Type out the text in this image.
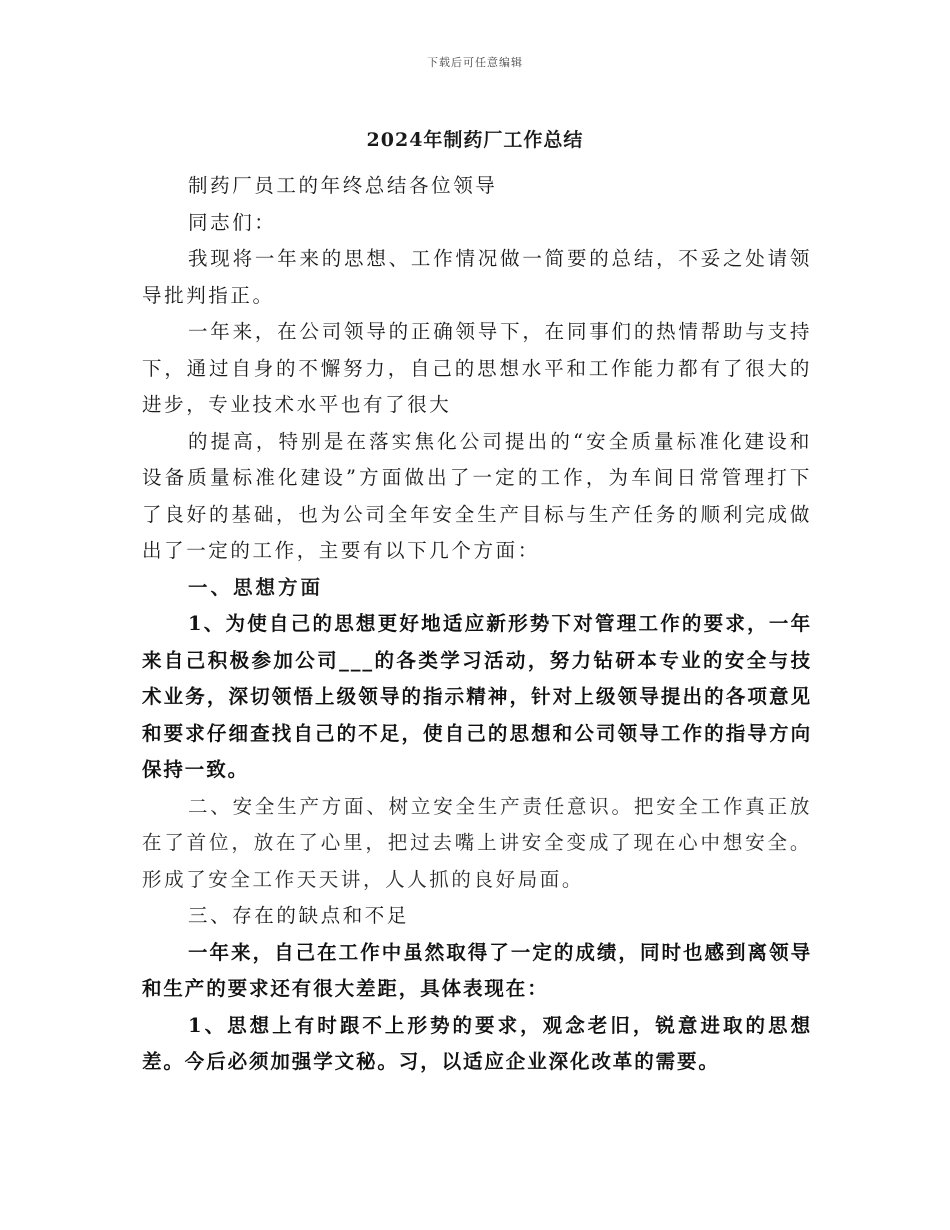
下载后可任意编辑
2024年制药厂工作总结

制药厂员工的年终总结各位领导

同志们：

我现将一年来的思想、工作情况做一简要的总结，不妥之处请领导批判指正。

一年来，在公司领导的正确领导下，在同事们的热情帮助与支持下，通过自身的不懈努力，自己的思想水平和工作能力都有了很大的进步，专业技术水平也有了很大

的提高，特别是在落实焦化公司提出的“安全质量标准化建设和设备质量标准化建设”方面做出了一定的工作，为车间日常管理打下了良好的基础，也为公司全年安全生产目标与生产任务的顺利完成做出了一定的工作，主要有以下几个方面：

一、思想方面

1、为使自己的思想更好地适应新形势下对管理工作的要求，一年来自己积极参加公司___的各类学习活动，努力钻研本专业的安全与技术业务，深切领悟上级领导的指示精神，针对上级领导提出的各项意见和要求仔细查找自己的不足，使自己的思想和公司领导工作的指导方向保持一致。

二、安全生产方面、树立安全生产责任意识。把安全工作真正放在了首位，放在了心里，把过去嘴上讲安全变成了现在心中想安全。形成了安全工作天天讲，人人抓的良好局面。

三、存在的缺点和不足

一年来，自己在工作中虽然取得了一定的成绩，同时也感到离领导和生产的要求还有很大差距，具体表现在：

1、思想上有时跟不上形势的要求，观念老旧，锐意进取的思想差。今后必须加强学文秘。习，以适应企业深化改革的需要。
